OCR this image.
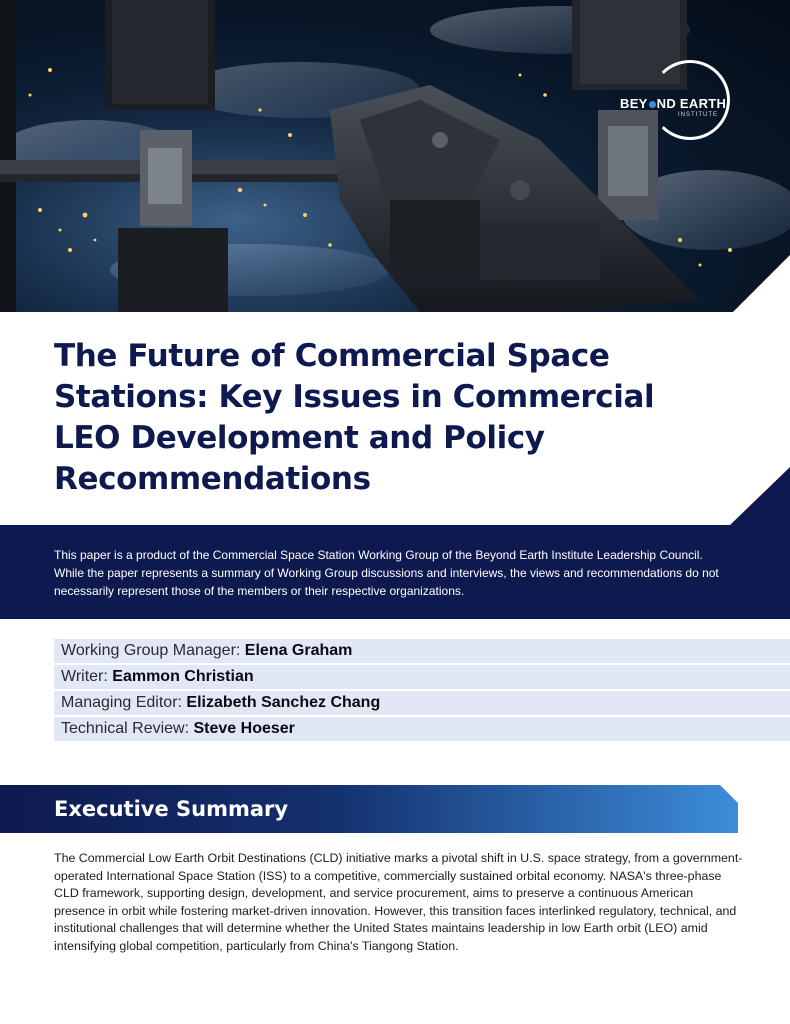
BEY ND EARTH
INSTITUTE
The Future of Commercial Space Stations: Key Issues in Commercial LEO Development and Policy Recommendations

This paper is a product of the Commercial Space Station Working Group of the Beyond Earth Institute Leadership Council. While the paper represents a summary of Working Group discussions and interviews, the views and recommendations do not necessarily represent those of the members or their respective organizations.

Working Group Manager: Elena Graham
Writer: Eammon Christian
Managing Editor: Elizabeth Sanchez Chang
Technical Review: Steve Hoeser
Executive Summary

The Commercial Low Earth Orbit Destinations (CLD) initiative marks a pivotal shift in U.S. space strategy, from a government-operated International Space Station (ISS) to a competitive, commercially sustained orbital economy. NASA's three-phase CLD framework, supporting design, development, and service procurement, aims to preserve a continuous American presence in orbit while fostering market-driven innovation. However, this transition faces interlinked regulatory, technical, and institutional challenges that will determine whether the United States maintains leadership in low Earth orbit (LEO) amid intensifying global competition, particularly from China's Tiangong Station.
